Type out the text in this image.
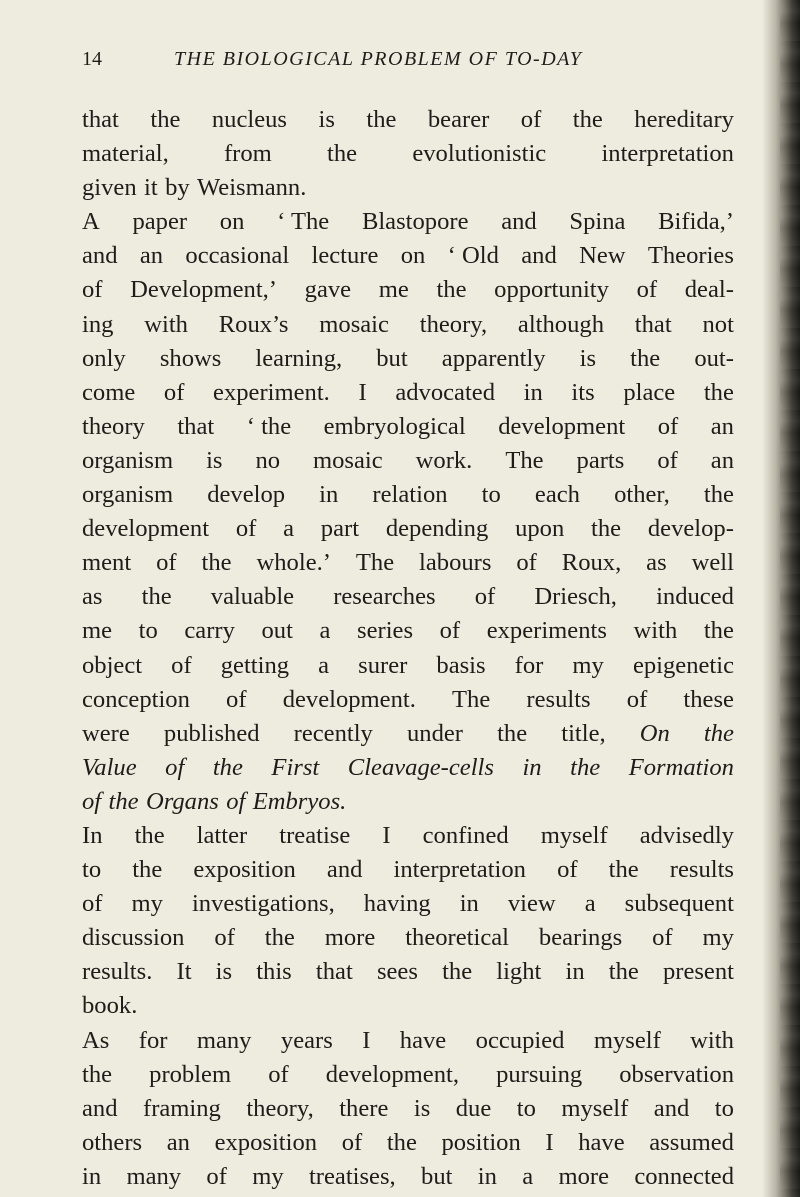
14	THE BIOLOGICAL PROBLEM OF TO-DAY
that the nucleus is the bearer of the hereditary
material, from the evolutionistic interpretation
given it by Weismann.
A paper on ‘ The Blastopore and Spina Bifida,’
and an occasional lecture on ‘ Old and New Theories
of Development,’ gave me the opportunity of deal-
ing with Roux’s mosaic theory, although that not
only shows learning, but apparently is the out-
come of experiment. I advocated in its place the
theory that ‘ the embryological development of an
organism is no mosaic work. The parts of an
organism develop in relation to each other, the
development of a part depending upon the develop-
ment of the whole.’ The labours of Roux, as well
as the valuable researches of Driesch, induced
me to carry out a series of experiments with the
object of getting a surer basis for my epigenetic
conception of development. The results of these
were published recently under the title, On the
Value of the First Cleavage-cells in the Formation
of the Organs of Embryos.
In the latter treatise I confined myself advisedly
to the exposition and interpretation of the results
of my investigations, having in view a subsequent
discussion of the more theoretical bearings of my
results. It is this that sees the light in the present
book.
As for many years I have occupied myself with
the problem of development, pursuing observation
and framing theory, there is due to myself and to
others an exposition of the position I have assumed
in many of my treatises, but in a more connected
